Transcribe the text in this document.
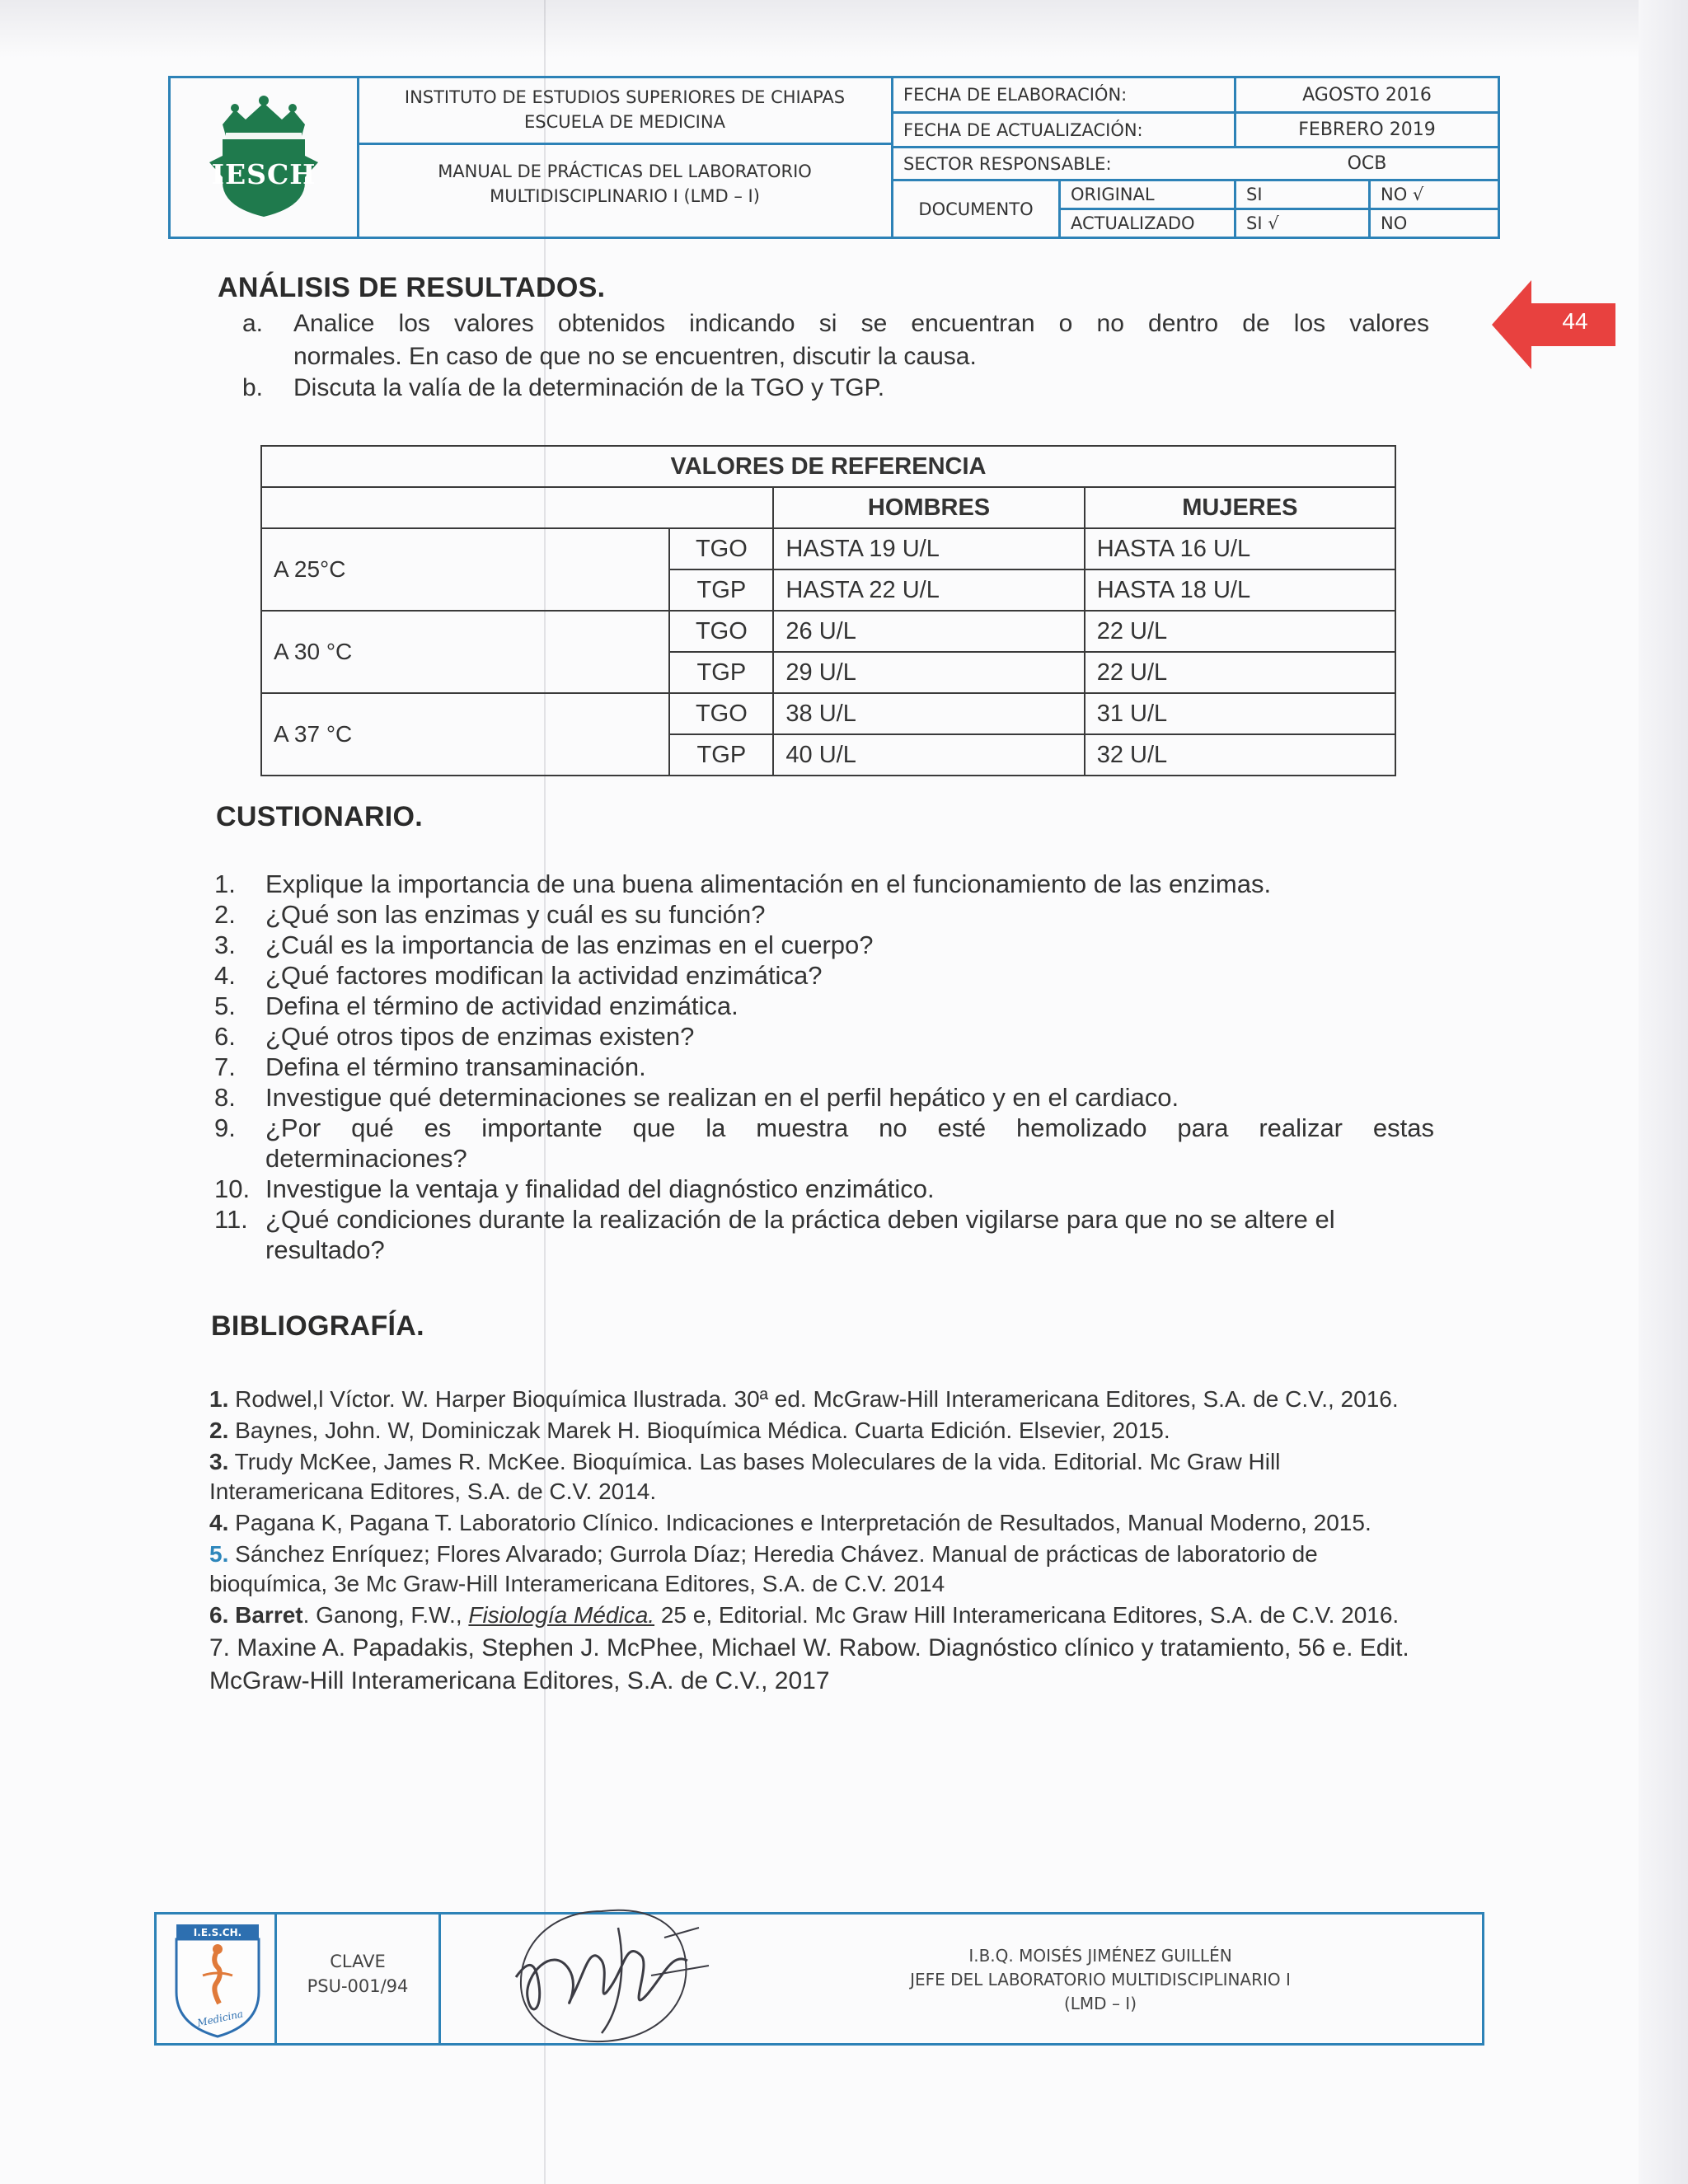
IESCH
INSTITUTO DE ESTUDIOS SUPERIORES DE CHIAPAS
ESCUELA DE MEDICINA
MANUAL DE PRÁCTICAS DEL LABORATORIO
MULTIDISCIPLINARIO I (LMD – I)
FECHA DE ELABORACIÓN:	AGOSTO 2016
FECHA DE ACTUALIZACIÓN:	FEBRERO 2019
SECTOR RESPONSABLE:	OCB
DOCUMENTO
ORIGINAL	SI	NO √
ACTUALIZADO	SI √	NO
44
ANÁLISIS DE RESULTADOS.
a.	Analice los valores obtenidos indicando si se encuentran o no dentro de los valores
normales. En caso de que no se encuentren, discutir la causa.
b.	Discuta la valía de la determinación de la TGO y TGP.
VALORES DE REFERENCIA			
		HOMBRES	MUJERES
A 25°C	TGO	HASTA 19 U/L	HASTA 16 U/L
	TGP	HASTA 22 U/L	HASTA 18 U/L
A 30 °C	TGO	26 U/L	22 U/L
	TGP	29 U/L	22 U/L
A 37 °C	TGO	38 U/L	31 U/L
	TGP	40 U/L	32 U/L
CUSTIONARIO.
1.	Explique la importancia de una buena alimentación en el funcionamiento de las enzimas.
2.	¿Qué son las enzimas y cuál es su función?
3.	¿Cuál es la importancia de las enzimas en el cuerpo?
4.	¿Qué factores modifican la actividad enzimática?
5.	Defina el término de actividad enzimática.
6.	¿Qué otros tipos de enzimas existen?
7.	Defina el término transaminación.
8.	Investigue qué determinaciones se realizan en el perfil hepático y en el cardiaco.
9.	¿Por qué es importante que la muestra no esté hemolizado para realizar estas
determinaciones?
10. Investigue la ventaja y finalidad del diagnóstico enzimático.
11. ¿Qué condiciones durante la realización de la práctica deben vigilarse para que no se altere el
resultado?
BIBLIOGRAFÍA.
1. Rodwel,l Víctor. W. Harper Bioquímica Ilustrada. 30ª ed. McGraw-Hill Interamericana Editores, S.A. de C.V., 2016.
2. Baynes, John. W, Dominiczak Marek H. Bioquímica Médica. Cuarta Edición. Elsevier, 2015.
3. Trudy McKee, James R. McKee. Bioquímica. Las bases Moleculares de la vida. Editorial. Mc Graw Hill Interamericana Editores, S.A. de C.V. 2014.
4. Pagana K, Pagana T. Laboratorio Clínico. Indicaciones e Interpretación de Resultados, Manual Moderno, 2015.
5. Sánchez Enríquez; Flores Alvarado; Gurrola Díaz; Heredia Chávez. Manual de prácticas de laboratorio de bioquímica, 3e Mc Graw-Hill Interamericana Editores, S.A. de C.V. 2014
6. Barret. Ganong, F.W., Fisiología Médica. 25 e, Editorial. Mc Graw Hill Interamericana Editores, S.A. de C.V. 2016.
7. Maxine A. Papadakis, Stephen J. McPhee, Michael W. Rabow. Diagnóstico clínico y tratamiento, 56 e. Edit. McGraw-Hill Interamericana Editores, S.A. de C.V., 2017
I.E.S.CH.
Medicina
CLAVE
PSU-001/94
I.B.Q. MOISÉS JIMÉNEZ GUILLÉN
JEFE DEL LABORATORIO MULTIDISCIPLINARIO I
(LMD – I)
